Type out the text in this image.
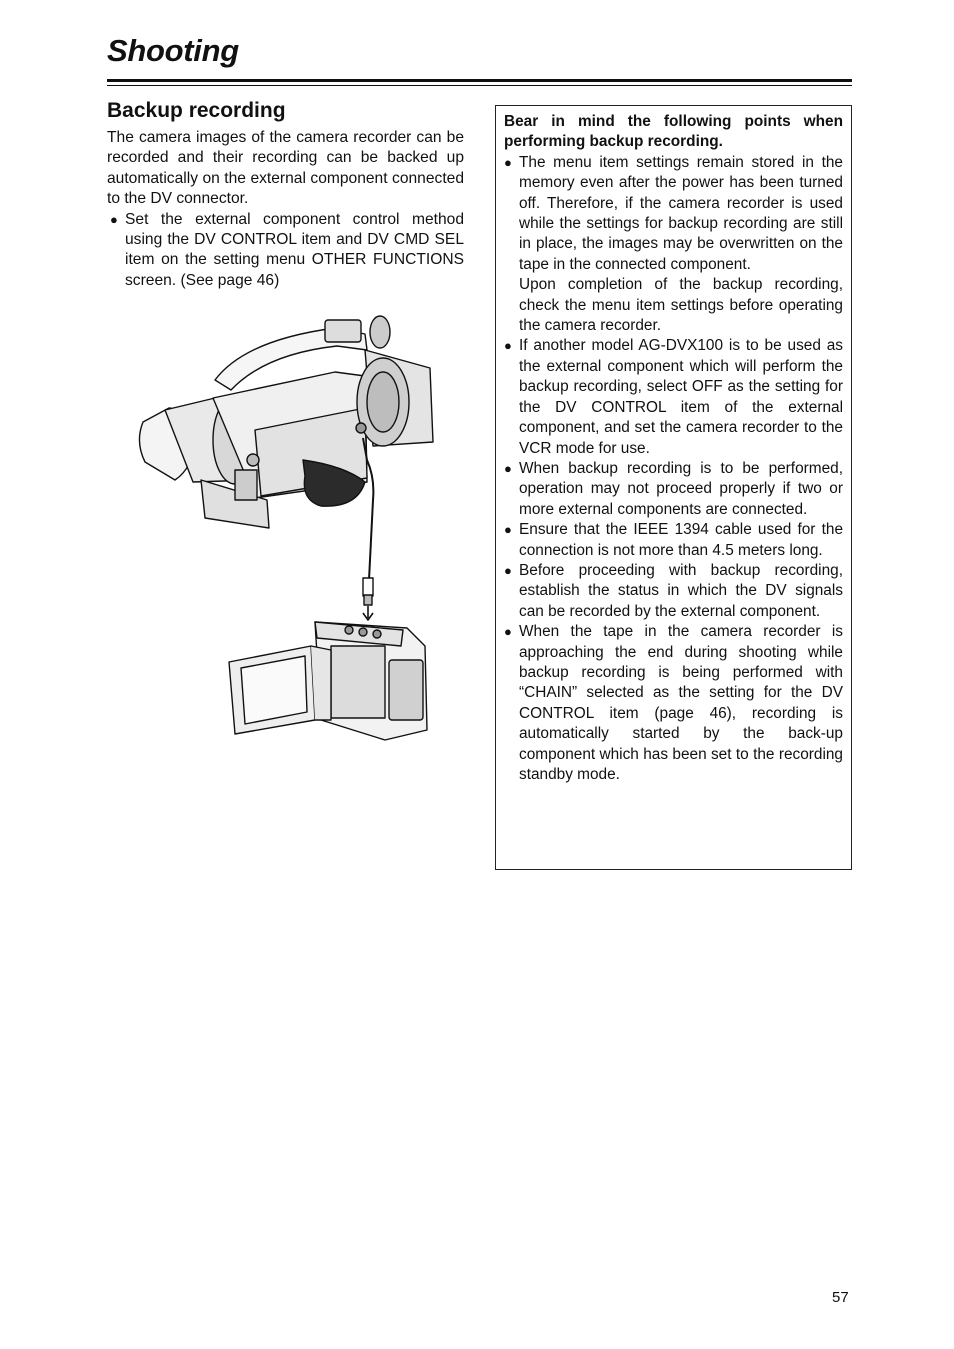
Shooting
Backup recording

The camera images of the camera recorder can be recorded and their recording can be backed up automatically on the external component connected to the DV connector.

● Set the external component control method using the DV CONTROL item and DV CMD SEL item on the setting menu OTHER FUNCTIONS screen. (See page 46)
Bear in mind the following points when performing backup recording.
● The menu item settings remain stored in the memory even after the power has been turned off. Therefore, if the camera recorder is used while the settings for backup recording are still in place, the images may be overwritten on the tape in the connected component.
Upon completion of the backup recording, check the menu item settings before operating the camera recorder.
● If another model AG-DVX100 is to be used as the external component which will perform the backup recording, select OFF as the setting for the DV CONTROL item of the external component, and set the camera recorder to the VCR mode for use.
● When backup recording is to be performed, operation may not proceed properly if two or more external components are connected.
● Ensure that the IEEE 1394 cable used for the connection is not more than 4.5 meters long.
● Before proceeding with backup recording, establish the status in which the DV signals can be recorded by the external component.
● When the tape in the camera recorder is approaching the end during shooting while backup recording is being performed with “CHAIN” selected as the setting for the DV CONTROL item (page 46), recording is automatically started by the back-up component which has been set to the recording standby mode.
57
